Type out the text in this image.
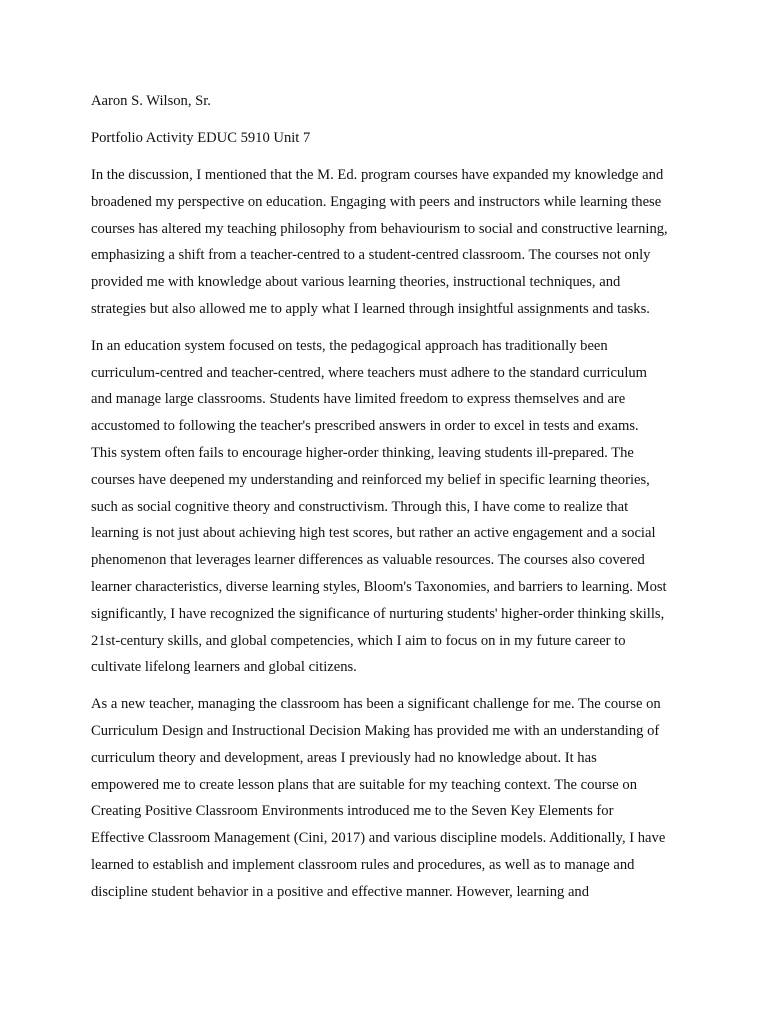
Aaron S. Wilson, Sr.

Portfolio Activity EDUC 5910 Unit 7

In the discussion, I mentioned that the M. Ed. program courses have expanded my knowledge and broadened my perspective on education. Engaging with peers and instructors while learning these courses has altered my teaching philosophy from behaviourism to social and constructive learning, emphasizing a shift from a teacher-centred to a student-centred classroom. The courses not only provided me with knowledge about various learning theories, instructional techniques, and strategies but also allowed me to apply what I learned through insightful assignments and tasks.

In an education system focused on tests, the pedagogical approach has traditionally been curriculum-centred and teacher-centred, where teachers must adhere to the standard curriculum and manage large classrooms. Students have limited freedom to express themselves and are accustomed to following the teacher's prescribed answers in order to excel in tests and exams. This system often fails to encourage higher-order thinking, leaving students ill-prepared. The courses have deepened my understanding and reinforced my belief in specific learning theories, such as social cognitive theory and constructivism. Through this, I have come to realize that learning is not just about achieving high test scores, but rather an active engagement and a social phenomenon that leverages learner differences as valuable resources. The courses also covered learner characteristics, diverse learning styles, Bloom's Taxonomies, and barriers to learning. Most significantly, I have recognized the significance of nurturing students' higher-order thinking skills, 21st-century skills, and global competencies, which I aim to focus on in my future career to cultivate lifelong learners and global citizens.

As a new teacher, managing the classroom has been a significant challenge for me. The course on Curriculum Design and Instructional Decision Making has provided me with an understanding of curriculum theory and development, areas I previously had no knowledge about. It has empowered me to create lesson plans that are suitable for my teaching context. The course on Creating Positive Classroom Environments introduced me to the Seven Key Elements for Effective Classroom Management (Cini, 2017) and various discipline models. Additionally, I have learned to establish and implement classroom rules and procedures, as well as to manage and discipline student behavior in a positive and effective manner. However, learning and
